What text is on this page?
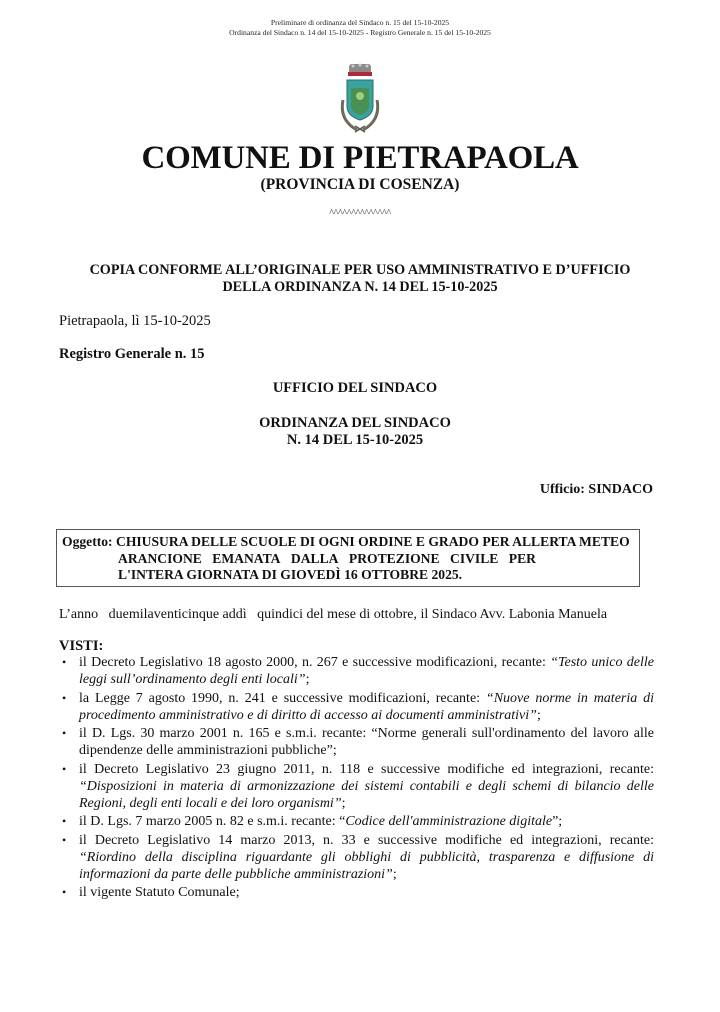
Preliminare di ordinanza del Sindaco n. 15 del 15-10-2025
Ordinanza del Sindaco n. 14 del 15-10-2025 - Registro Generale n. 15 del 15-10-2025
COMUNE DI PIETRAPAOLA
(PROVINCIA DI COSENZA)
^^^^^^^^^^^^^^
COPIA CONFORME ALL’ORIGINALE PER USO AMMINISTRATIVO E D’UFFICIO
DELLA ORDINANZA N. 14 DEL 15-10-2025
Pietrapaola, lì 15-10-2025
Registro Generale n. 15
UFFICIO DEL SINDACO
ORDINANZA DEL SINDACO
N. 14 DEL 15-10-2025
Ufficio: SINDACO
Oggetto: CHIUSURA DELLE SCUOLE DI OGNI ORDINE E GRADO PER ALLERTA METEO
ARANCIONE EMANATA DALLA PROTEZIONE CIVILE PER
L'INTERA GIORNATA DI GIOVEDÌ 16 OTTOBRE 2025.
L’anno   duemilaventicinque addì   quindici del mese di ottobre, il Sindaco Avv. Labonia Manuela
VISTI:
• il Decreto Legislativo 18 agosto 2000, n. 267 e successive modificazioni, recante: “Testo unico delle leggi sull’ordinamento degli enti locali”;
• la Legge 7 agosto 1990, n. 241 e successive modificazioni, recante: “Nuove norme in materia di procedimento amministrativo e di diritto di accesso ai documenti amministrativi”;
• il D. Lgs. 30 marzo 2001 n. 165 e s.m.i. recante: “Norme generali sull'ordinamento del lavoro alle dipendenze delle amministrazioni pubbliche”;
• il Decreto Legislativo 23 giugno 2011, n. 118 e successive modifiche ed integrazioni, recante: “Disposizioni in materia di armonizzazione dei sistemi contabili e degli schemi di bilancio delle Regioni, degli enti locali e dei loro organismi”;
• il D. Lgs. 7 marzo 2005 n. 82 e s.m.i. recante: “Codice dell'amministrazione digitale”;
• il Decreto Legislativo 14 marzo 2013, n. 33 e successive modifiche ed integrazioni, recante: “Riordino della disciplina riguardante gli obblighi di pubblicità, trasparenza e diffusione di informazioni da parte delle pubbliche amministrazioni”;
• il vigente Statuto Comunale;
